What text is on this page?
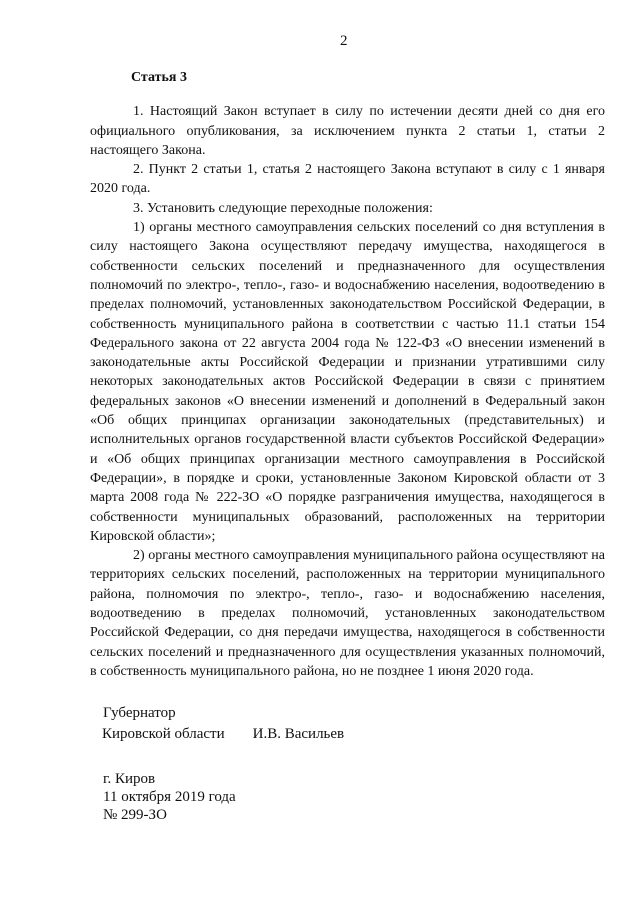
2
Статья 3

1. Настоящий Закон вступает в силу по истечении десяти дней со дня его официального опубликования, за исключением пункта 2 статьи 1, статьи 2 настоящего Закона.

2. Пункт 2 статьи 1, статья 2 настоящего Закона вступают в силу с 1 января 2020 года.

3. Установить следующие переходные положения:

1) органы местного самоуправления сельских поселений со дня вступления в силу настоящего Закона осуществляют передачу имущества, находящегося в собственности сельских поселений и предназначенного для осуществления полномочий по электро-, тепло-, газо- и водоснабжению населения, водоотведению в пределах полномочий, установленных законодательством Российской Федерации, в собственность муниципального района в соответствии с частью 11.1 статьи 154 Федерального закона от 22 августа 2004 года № 122-ФЗ «О внесении изменений в законодательные акты Российской Федерации и признании утратившими силу некоторых законодательных актов Российской Федерации в связи с принятием федеральных законов «О внесении изменений и дополнений в Федеральный закон «Об общих принципах организации законодательных (представительных) и исполнительных органов государственной власти субъектов Российской Федерации» и «Об общих принципах организации местного самоуправления в Российской Федерации», в порядке и сроки, установленные Законом Кировской области от 3 марта 2008 года № 222-ЗО «О порядке разграничения имущества, находящегося в собственности муниципальных образований, расположенных на территории Кировской области»;

2) органы местного самоуправления муниципального района осуществляют на территориях сельских поселений, расположенных на территории муниципального района, полномочия по электро-, тепло-, газо- и водоснабжению населения, водоотведению в пределах полномочий, установленных законодательством Российской Федерации, со дня передачи имущества, находящегося в собственности сельских поселений и предназначенного для осуществления указанных полномочий, в собственность муниципального района, но не позднее 1 июня 2020 года.

Губернатор
Кировской области И.В. Васильев
г. Киров
11 октября 2019 года
№ 299-ЗО
